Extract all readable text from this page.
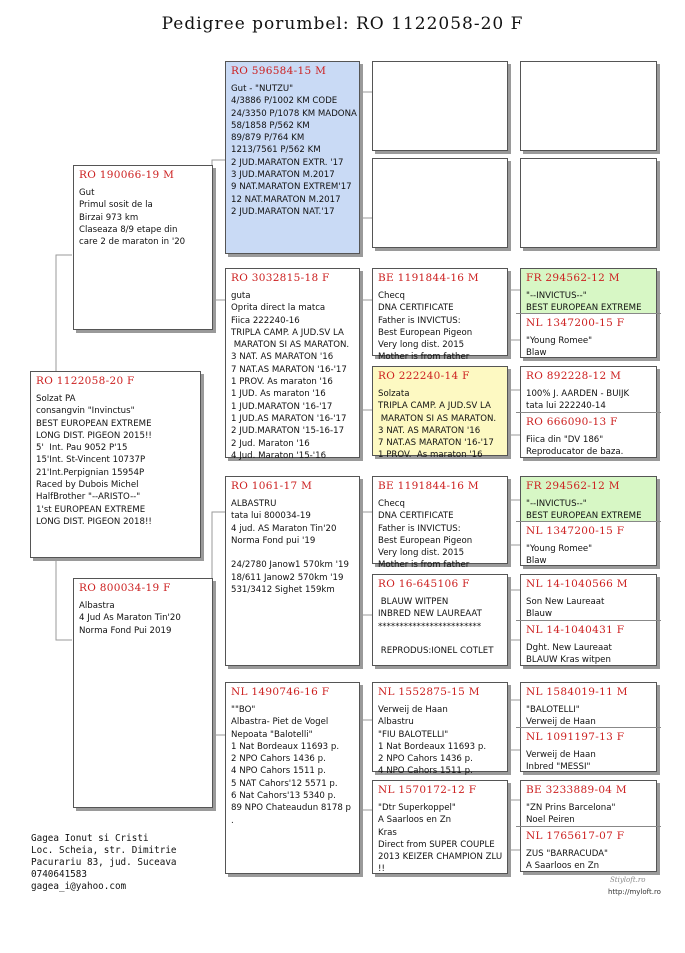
Pedigree porumbel: RO 1122058-20 F
RO 1122058-20 F
Solzat PA
consangvin "Invinctus"
BEST EUROPEAN EXTREME
LONG DIST. PIGEON 2015!!
5'  Int. Pau 9052 P'15
15'Int. St-Vincent 10737P
21'Int.Perpignian 15954P
Raced by Dubois Michel
HalfBrother "--ARISTO--"
1'st EUROPEAN EXTREME
LONG DIST. PIGEON 2018!!
RO 190066-19 M
Gut
Primul sosit de la
Birzai 973 km
Claseaza 8/9 etape din
care 2 de maraton in '20
RO 800034-19 F
Albastra
4 Jud As Maraton Tin'20
Norma Fond Pui 2019
RO 596584-15 M
Gut - "NUTZU"
4/3886 P/1002 KM CODE
24/3350 P/1078 KM MADONA
58/1858 P/562 KM
89/879 P/764 KM
1213/7561 P/562 KM
2 JUD.MARATON EXTR. '17
3 JUD.MARATON M.2017
9 NAT.MARATON EXTREM'17
12 NAT.MARATON M.2017
2 JUD.MARATON NAT.'17
RO 3032815-18 F
guta
Oprita direct la matca
Fiica 222240-16
TRIPLA CAMP. A JUD.SV LA
MARATON SI AS MARATON.
3 NAT. AS MARATON '16
7 NAT.AS MARATON '16-'17
1 PROV. As maraton '16
1 JUD. As maraton '16
1 JUD.MARATON '16-'17
1 JUD.AS MARATON '16-'17
2 JUD.MARATON '15-16-17
2 Jud. Maraton '16
4 Jud. Maraton '15-'16
RO 1061-17 M
ALBASTRU
tata lui 800034-19
4 jud. AS Maraton Tin'20
Norma Fond pui '19

24/2780 Janow1 570km '19
18/611 Janow2 570km '19
531/3412 Sighet 159km
NL 1490746-16 F
""BO"
Albastra- Piet de Vogel
Nepoata "Balotelli"
1 Nat Bordeaux 11693 p.
2 NPO Cahors 1436 p.
4 NPO Cahors 1511 p.
5 NAT Cahors'12 5571 p.
6 Nat Cahors'13 5340 p.
89 NPO Chateaudun 8178 p
.
BE 1191844-16 M
Checq
DNA CERTIFICATE
Father is INVICTUS:
Best European Pigeon
Very long dist. 2015
Mother is from father
RO 222240-14 F
Solzata
TRIPLA CAMP. A JUD.SV LA
MARATON SI AS MARATON.
3 NAT. AS MARATON '16
7 NAT.AS MARATON '16-'17
1 PROV.  As maraton '16
BE 1191844-16 M
Checq
DNA CERTIFICATE
Father is INVICTUS:
Best European Pigeon
Very long dist. 2015
Mother is from father
RO 16-645106 F
BLAUW WITPEN
INBRED NEW LAUREAAT
************************

REPRODUS:IONEL COTLET
NL 1552875-15 M
Verweij de Haan
Albastru
"FIU BALOTELLI"
1 Nat Bordeaux 11693 p.
2 NPO Cahors 1436 p.
4 NPO Cahors 1511 p.
NL 1570172-12 F
"Dtr Superkoppel"
A Saarloos en Zn
Kras
Direct from SUPER COUPLE
2013 KEIZER CHAMPION ZLU
!!
FR 294562-12 M
"--INVICTUS--"
BEST EUROPEAN EXTREME
NL 1347200-15 F
"Young Romee"
Blaw
RO 892228-12 M
100% J. AARDEN - BUIJK
tata lui 222240-14
RO 666090-13 F
Fiica din "DV 186"
Reproducator de baza.
FR 294562-12 M
"--INVICTUS--"
BEST EUROPEAN EXTREME
NL 1347200-15 F
"Young Romee"
Blaw
NL 14-1040566 M
Son New Laureaat
Blauw
NL 14-1040431 F
Dght. New Laureaat
BLAUW Kras witpen
NL 1584019-11 M
"BALOTELLI"
Verweij de Haan
NL 1091197-13 F
Verweij de Haan
Inbred "MESSI"
BE 3233889-04 M
"ZN Prins Barcelona"
Noel Peiren
NL 1765617-07 F
ZUS "BARRACUDA"
A Saarloos en Zn
Gagea Ionut si Cristi
Loc. Scheia, str. Dimitrie
Pacurariu 83, jud. Suceava
0740641583
gagea_i@yahoo.com
Stiyloft.ro
http://myloft.ro
